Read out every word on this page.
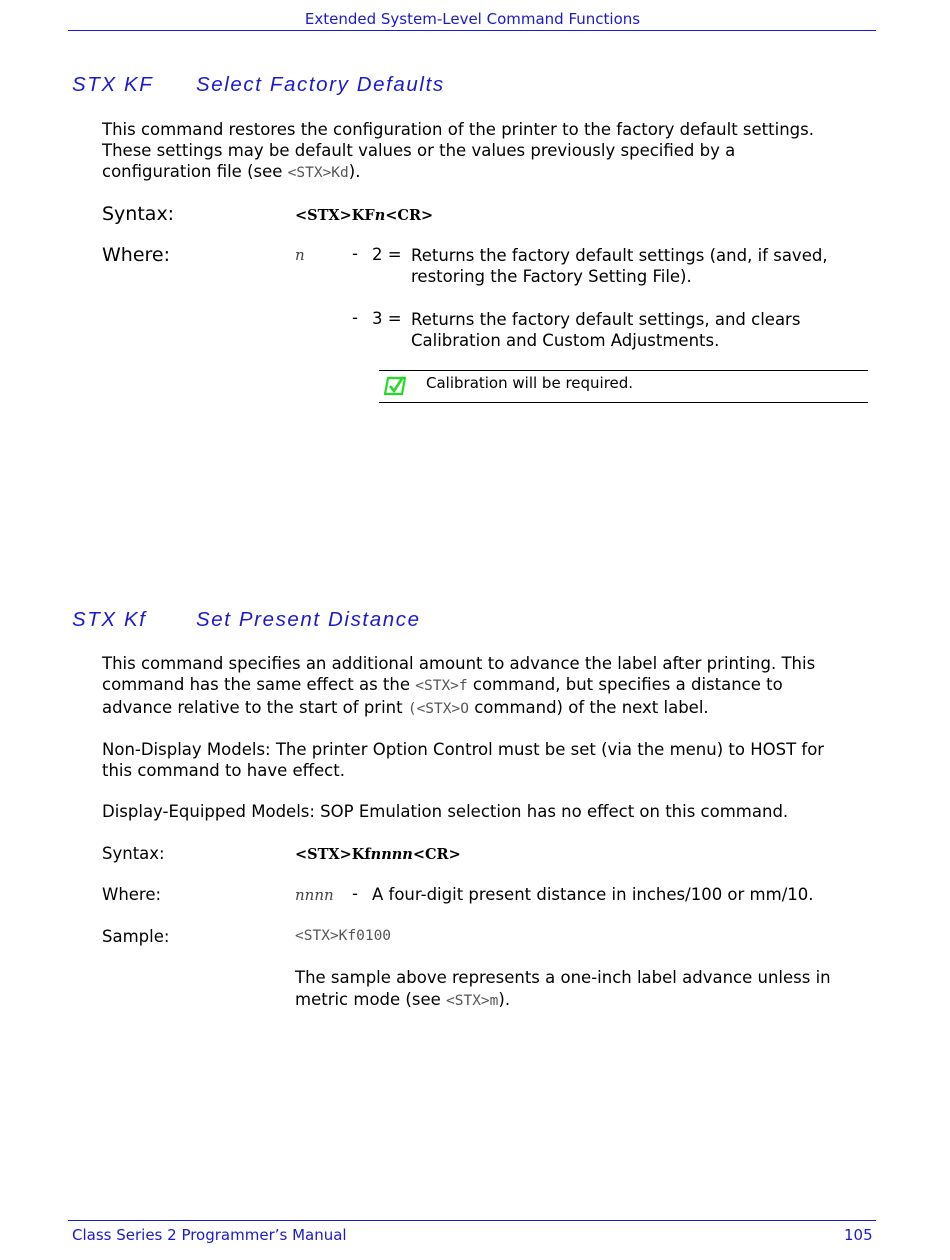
Extended System-Level Command Functions
STX KF Select Factory Defaults

This command restores the configuration of the printer to the factory default settings.
These settings may be default values or the values previously specified by a
configuration file (see <STX>Kd).

Syntax:	<STX>KFn<CR>
Where:	n	- 2 = Returns the factory default settings (and, if saved,
restoring the Factory Setting File).
- 3 = Returns the factory default settings, and clears
Calibration and Custom Adjustments.
Calibration will be required.
STX Kf Set Present Distance

This command specifies an additional amount to advance the label after printing. This
command has the same effect as the <STX>f command, but specifies a distance to
advance relative to the start of print (<STX>O command) of the next label.

Non-Display Models: The printer Option Control must be set (via the menu) to HOST for
this command to have effect.

Display-Equipped Models: SOP Emulation selection has no effect on this command.

Syntax:	<STX>Kfnnnn<CR>
Where:	nnnn - A four-digit present distance in inches/100 or mm/10.
Sample:	<STX>Kf0100
The sample above represents a one-inch label advance unless in
metric mode (see <STX>m).
Class Series 2 Programmer’s Manual	105
